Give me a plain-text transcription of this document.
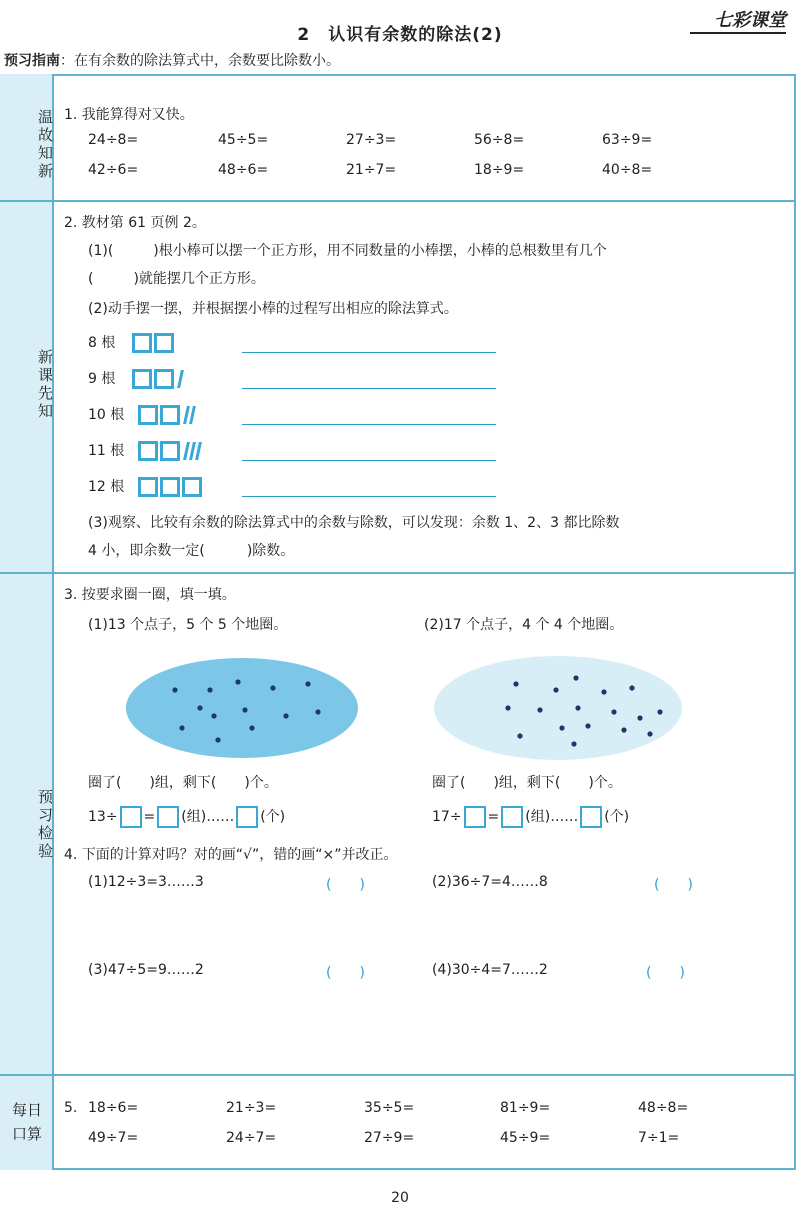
2　认识有余数的除法(2)
七彩课堂
预习指南：在有余数的除法算式中，余数要比除数小。
温故知新
新课先知
预习检验
每日口算
1. 我能算得对又快。
24÷8=	45÷5=	27÷3=	56÷8=	63÷9=
42÷6=	48÷6=	21÷7=	18÷9=	40÷8=
2. 教材第 61 页例 2。
(1)(　　	)根小棒可以摆一个正方形，用不同数量的小棒摆，小棒的总根数里有几个
(　　	)就能摆几个正方形。
(2)动手摆一摆，并根据摆小棒的过程写出相应的除法算式。
8 根
9 根
10 根
11 根
12 根
(3)观察、比较有余数的除法算式中的余数与除数，可以发现：余数 1、2、3 都比除数
4 小，即余数一定(　　　	)除数。
3. 按要求圈一圈，填一填。
(1)13 个点子，5 个 5 个地圈。	(2)17 个点子，4 个 4 个地圈。
圈了(　　)组，剩下(　　)个。	圈了(　　)组，剩下(　　)个。
13÷ = (组)…… (个)	17÷ = (组)…… (个)
4. 下面的计算对吗？对的画“√”，错的画“×”并改正。
(1)12÷3=3……3	(　　)	(2)36÷7=4……8	(　　)
(3)47÷5=9……2	(　　)	(4)30÷4=7……2	(　　)
5. 18÷6=	21÷3=	35÷5=	81÷9=	48÷8=
49÷7=	24÷7=	27÷9=	45÷9=	7÷1=
20
